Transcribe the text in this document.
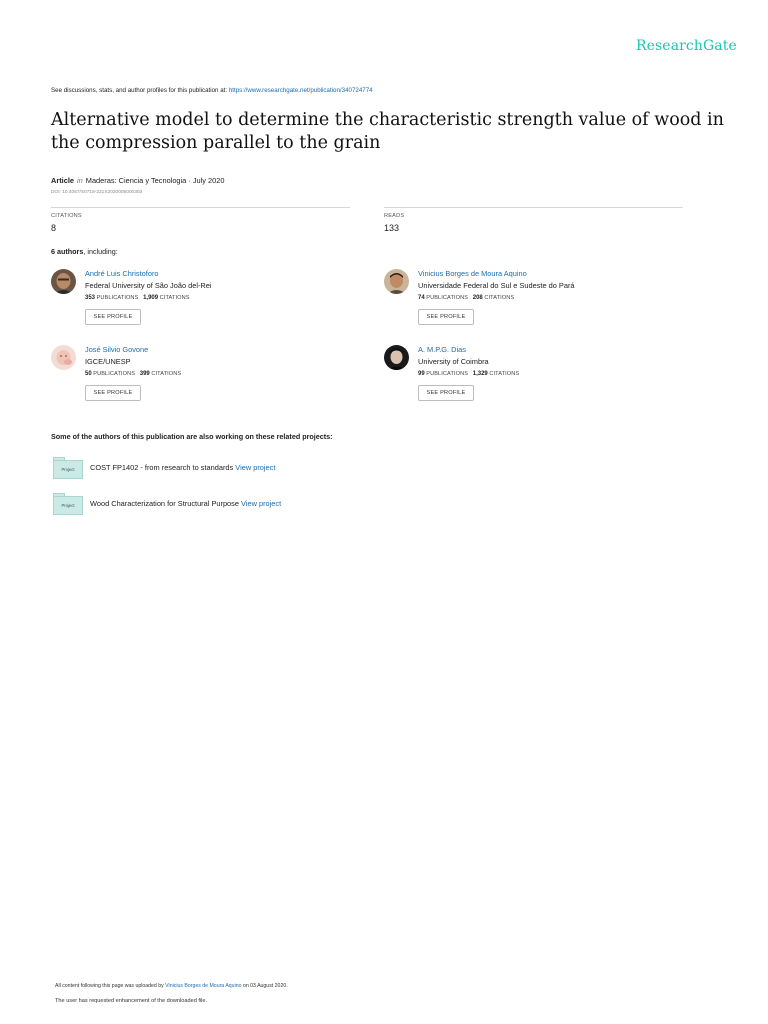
ResearchGate
See discussions, stats, and author profiles for this publication at: https://www.researchgate.net/publication/340724774
Alternative model to determine the characteristic strength value of wood in the compression parallel to the grain
Article in Maderas: Ciencia y Tecnologia · July 2020
DOI: 10.4067/S0718-221X2020005000303
CITATIONS
8
READS
133
6 authors, including:
André Luis Christoforo
Federal University of São João del-Rei
353 PUBLICATIONS 1,909 CITATIONS
SEE PROFILE
Vinicius Borges de Moura Aquino
Universidade Federal do Sul e Sudeste do Pará
74 PUBLICATIONS 208 CITATIONS
SEE PROFILE
José Silvio Govone
IGCE/UNESP
50 PUBLICATIONS 399 CITATIONS
SEE PROFILE
A. M.P.G. Dias
University of Coimbra
99 PUBLICATIONS 1,329 CITATIONS
SEE PROFILE
Some of the authors of this publication are also working on these related projects:
Project	COST FP1402 - from research to standards View project
Project	Wood Characterization for Structural Purpose View project
All content following this page was uploaded by Vinicius Borges de Moura Aquino on 03 August 2020.
The user has requested enhancement of the downloaded file.
